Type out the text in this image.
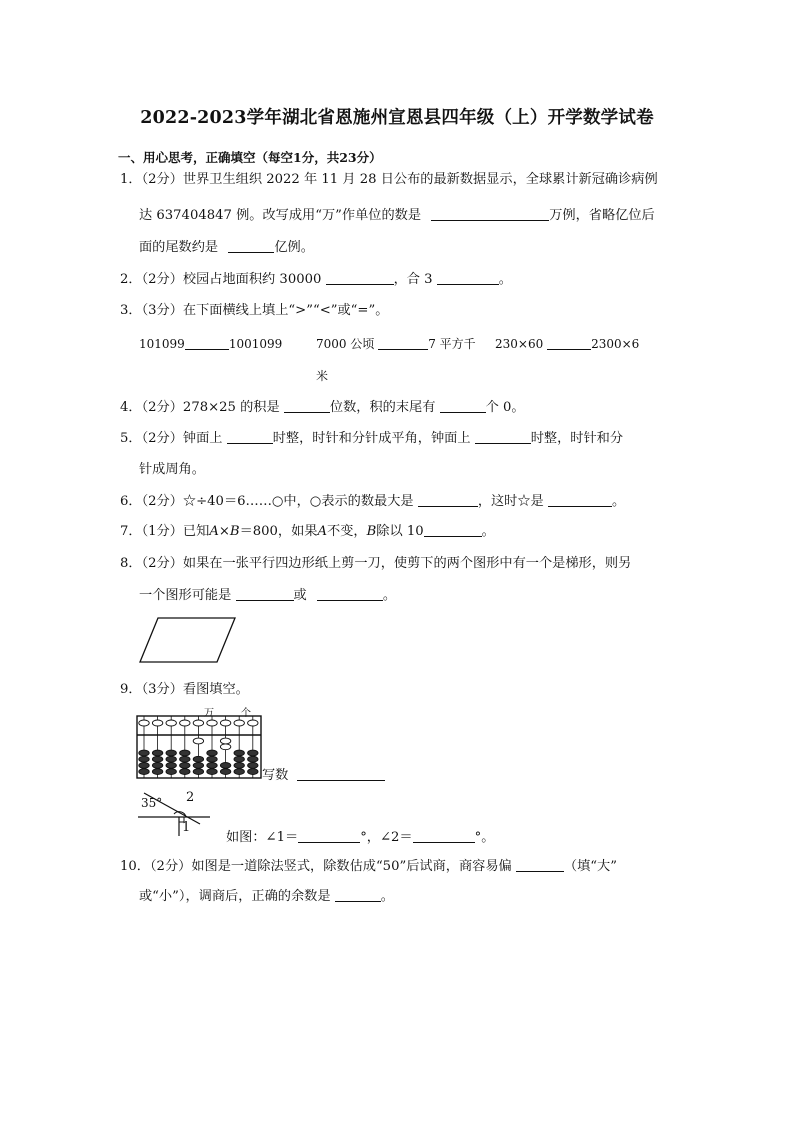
2022-2023学年湖北省恩施州宣恩县四年级（上）开学数学试卷
一、用心思考，正确填空（每空1分，共23分）
1．（2分）世界卫生组织 2022 年 11 月 28 日公布的最新数据显示，全球累计新冠确诊病例
达 637404847 例。改写成用“万”作单位的数是	万例，省略亿位后
面的尾数约是	亿例。
2．（2分）校园占地面积约 30000	，合 3	。
3．（3分）在下面横线上填上“>”“<”或“=”。
101099	1001099	7000 公顷	7 平方千
米
230×60	2300×6
4．（2分）278×25 的积是	位数，积的末尾有	个 0。
5．（2分）钟面上	时整，时针和分针成平角，钟面上	时整，时针和分
针成周角。
6．（2分）☆÷40＝6……○中，○表示的数最大是	，这时☆是	。
7．（1分）已知A×B＝800，如果A不变，B除以 10	。
8．（2分）如果在一张平行四边形纸上剪一刀，使剪下的两个图形中有一个是梯形，则另
一个图形可能是	或	。
9．（3分）看图填空。
万	个
写数
35° 2
1
如图：∠1＝	°，∠2＝	°。
10．（2分）如图是一道除法竖式，除数估成“50”后试商，商容易偏	（填“大”
或“小”），调商后，正确的余数是	。
